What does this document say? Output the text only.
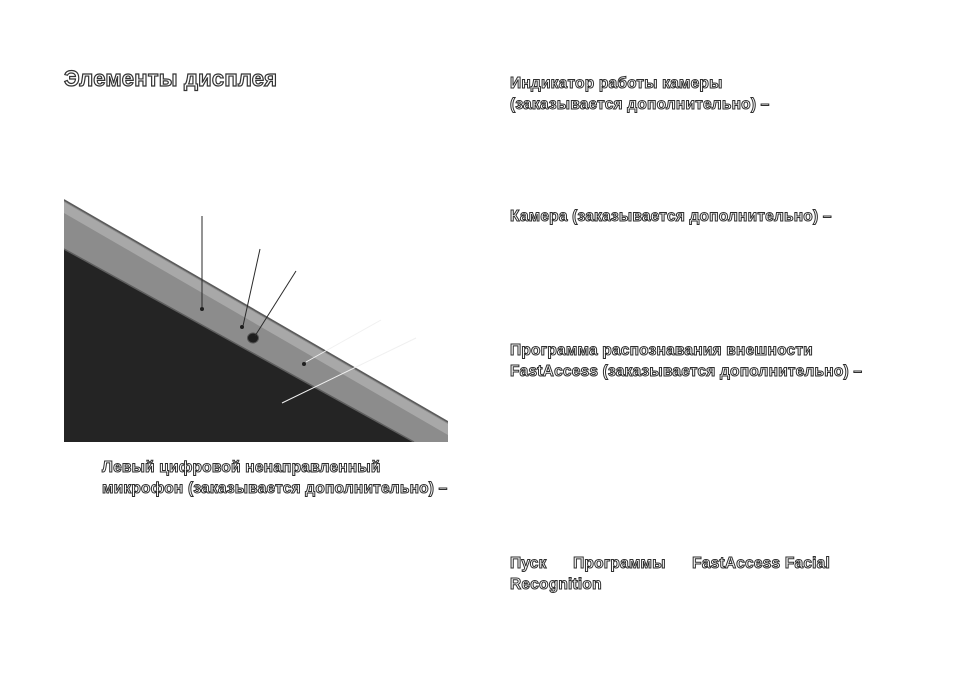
Элементы дисплея	Индикатор работы камеры
(заказывается дополнительно) –
Камера (заказывается дополнительно) –
Программа распознавания внешности
FastAccess (заказывается дополнительно) –
Пуск Программы FastAccess Facial
Recognition
Левый цифровой ненаправленный
микрофон (заказывается дополнительно) –
